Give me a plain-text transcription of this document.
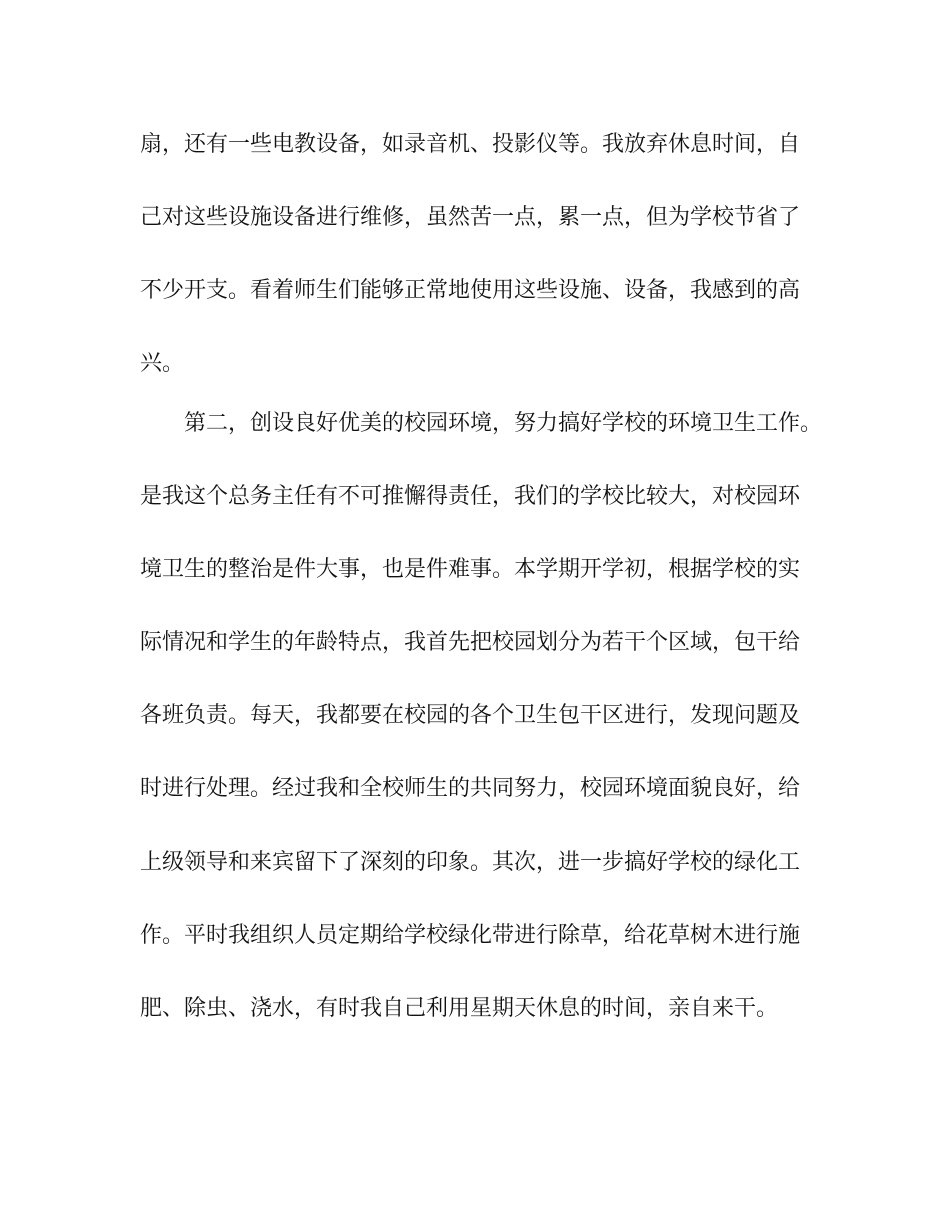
扇，还有一些电教设备，如录音机、投影仪等。我放弃休息时间，自

己对这些设施设备进行维修，虽然苦一点，累一点，但为学校节省了

不少开支。看着师生们能够正常地使用这些设施、设备，我感到的高

兴。

第二，创设良好优美的校园环境，努力搞好学校的环境卫生工作。

是我这个总务主任有不可推懈得责任，我们的学校比较大，对校园环

境卫生的整治是件大事，也是件难事。本学期开学初，根据学校的实

际情况和学生的年龄特点，我首先把校园划分为若干个区域，包干给

各班负责。每天，我都要在校园的各个卫生包干区进行，发现问题及

时进行处理。经过我和全校师生的共同努力，校园环境面貌良好，给

上级领导和来宾留下了深刻的印象。其次，进一步搞好学校的绿化工

作。平时我组织人员定期给学校绿化带进行除草，给花草树木进行施

肥、除虫、浇水，有时我自己利用星期天休息的时间，亲自来干。
